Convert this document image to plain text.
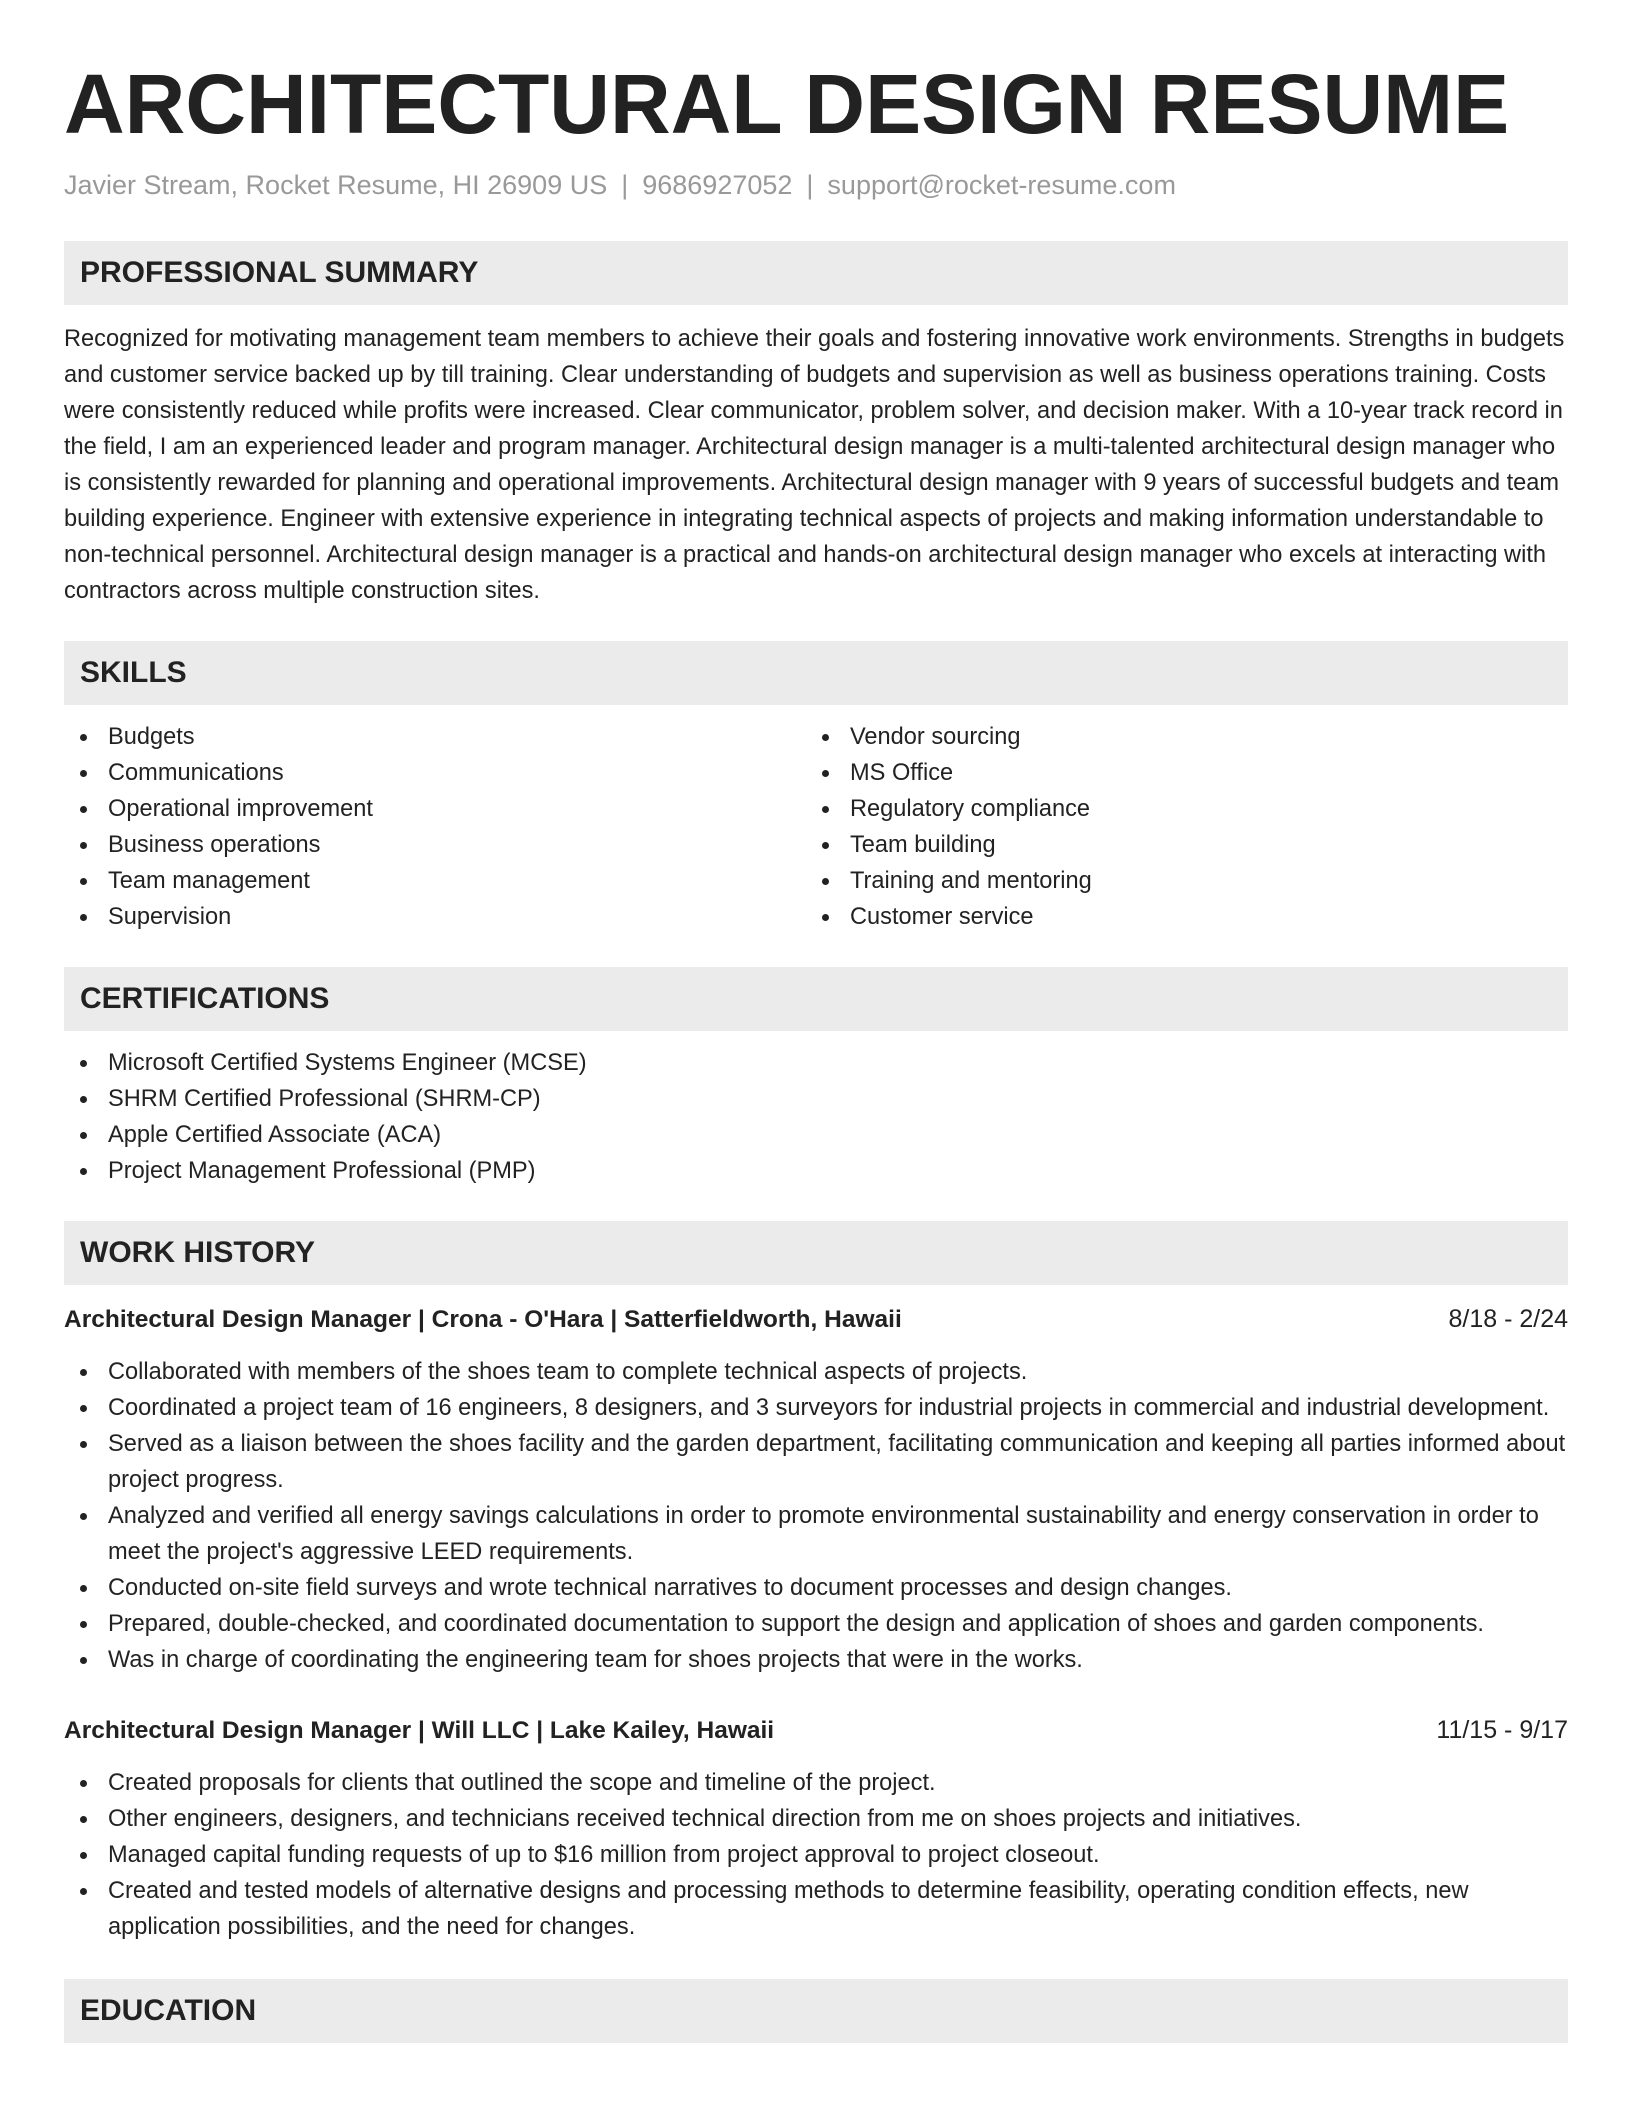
ARCHITECTURAL DESIGN RESUME
Javier Stream, Rocket Resume, HI 26909 US | 9686927052 | support@rocket-resume.com
PROFESSIONAL SUMMARY

Recognized for motivating management team members to achieve their goals and fostering innovative work environments. Strengths in budgets and customer service backed up by till training. Clear understanding of budgets and supervision as well as business operations training. Costs were consistently reduced while profits were increased. Clear communicator, problem solver, and decision maker. With a 10-year track record in the field, I am an experienced leader and program manager. Architectural design manager is a multi-talented architectural design manager who is consistently rewarded for planning and operational improvements. Architectural design manager with 9 years of successful budgets and team building experience. Engineer with extensive experience in integrating technical aspects of projects and making information understandable to non-technical personnel. Architectural design manager is a practical and hands-on architectural design manager who excels at interacting with contractors across multiple construction sites.

SKILLS
Budgets
Communications
Operational improvement
Business operations
Team management
Supervision
Vendor sourcing
MS Office
Regulatory compliance
Team building
Training and mentoring
Customer service
CERTIFICATIONS
Microsoft Certified Systems Engineer (MCSE)
SHRM Certified Professional (SHRM-CP)
Apple Certified Associate (ACA)
Project Management Professional (PMP)
WORK HISTORY
Architectural Design Manager | Crona - O'Hara | Satterfieldworth, Hawaii	8/18 - 2/24
Collaborated with members of the shoes team to complete technical aspects of projects.
Coordinated a project team of 16 engineers, 8 designers, and 3 surveyors for industrial projects in commercial and industrial development.
Served as a liaison between the shoes facility and the garden department, facilitating communication and keeping all parties informed about project progress.
Analyzed and verified all energy savings calculations in order to promote environmental sustainability and energy conservation in order to meet the project's aggressive LEED requirements.
Conducted on-site field surveys and wrote technical narratives to document processes and design changes.
Prepared, double-checked, and coordinated documentation to support the design and application of shoes and garden components.
Was in charge of coordinating the engineering team for shoes projects that were in the works.
Architectural Design Manager | Will LLC | Lake Kailey, Hawaii	11/15 - 9/17
Created proposals for clients that outlined the scope and timeline of the project.
Other engineers, designers, and technicians received technical direction from me on shoes projects and initiatives.
Managed capital funding requests of up to $16 million from project approval to project closeout.
Created and tested models of alternative designs and processing methods to determine feasibility, operating condition effects, new application possibilities, and the need for changes.
EDUCATION
